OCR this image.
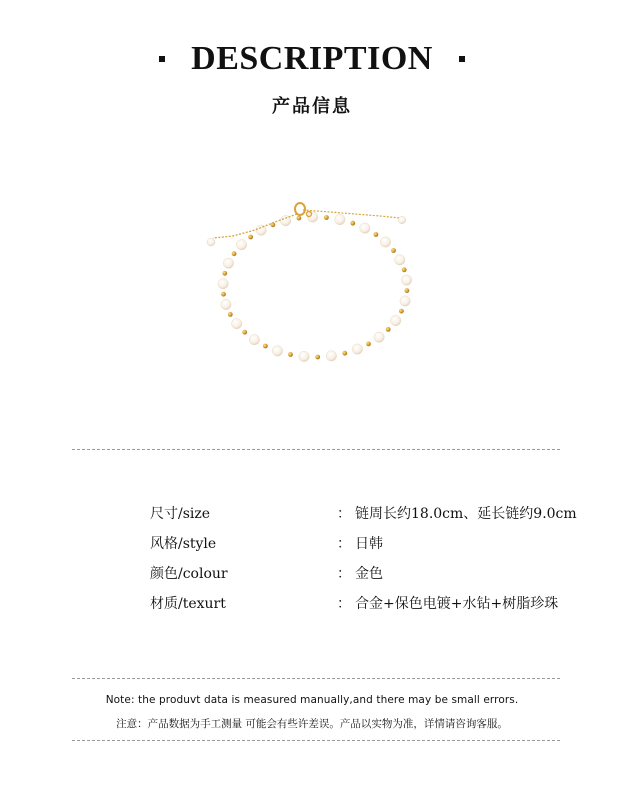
DESCRIPTION
产品信息
尺寸/size	： 链周长约18.0cm、延长链约9.0cm
风格/style	： 日韩
颜色/colour	： 金色
材质/texurt	： 合金+保色电镀+水钻+树脂珍珠
Note: the produvt data is measured manually,and there may be small errors.
注意：产品数据为手工测量 可能会有些许差误。产品以实物为准，详情请咨询客服。
